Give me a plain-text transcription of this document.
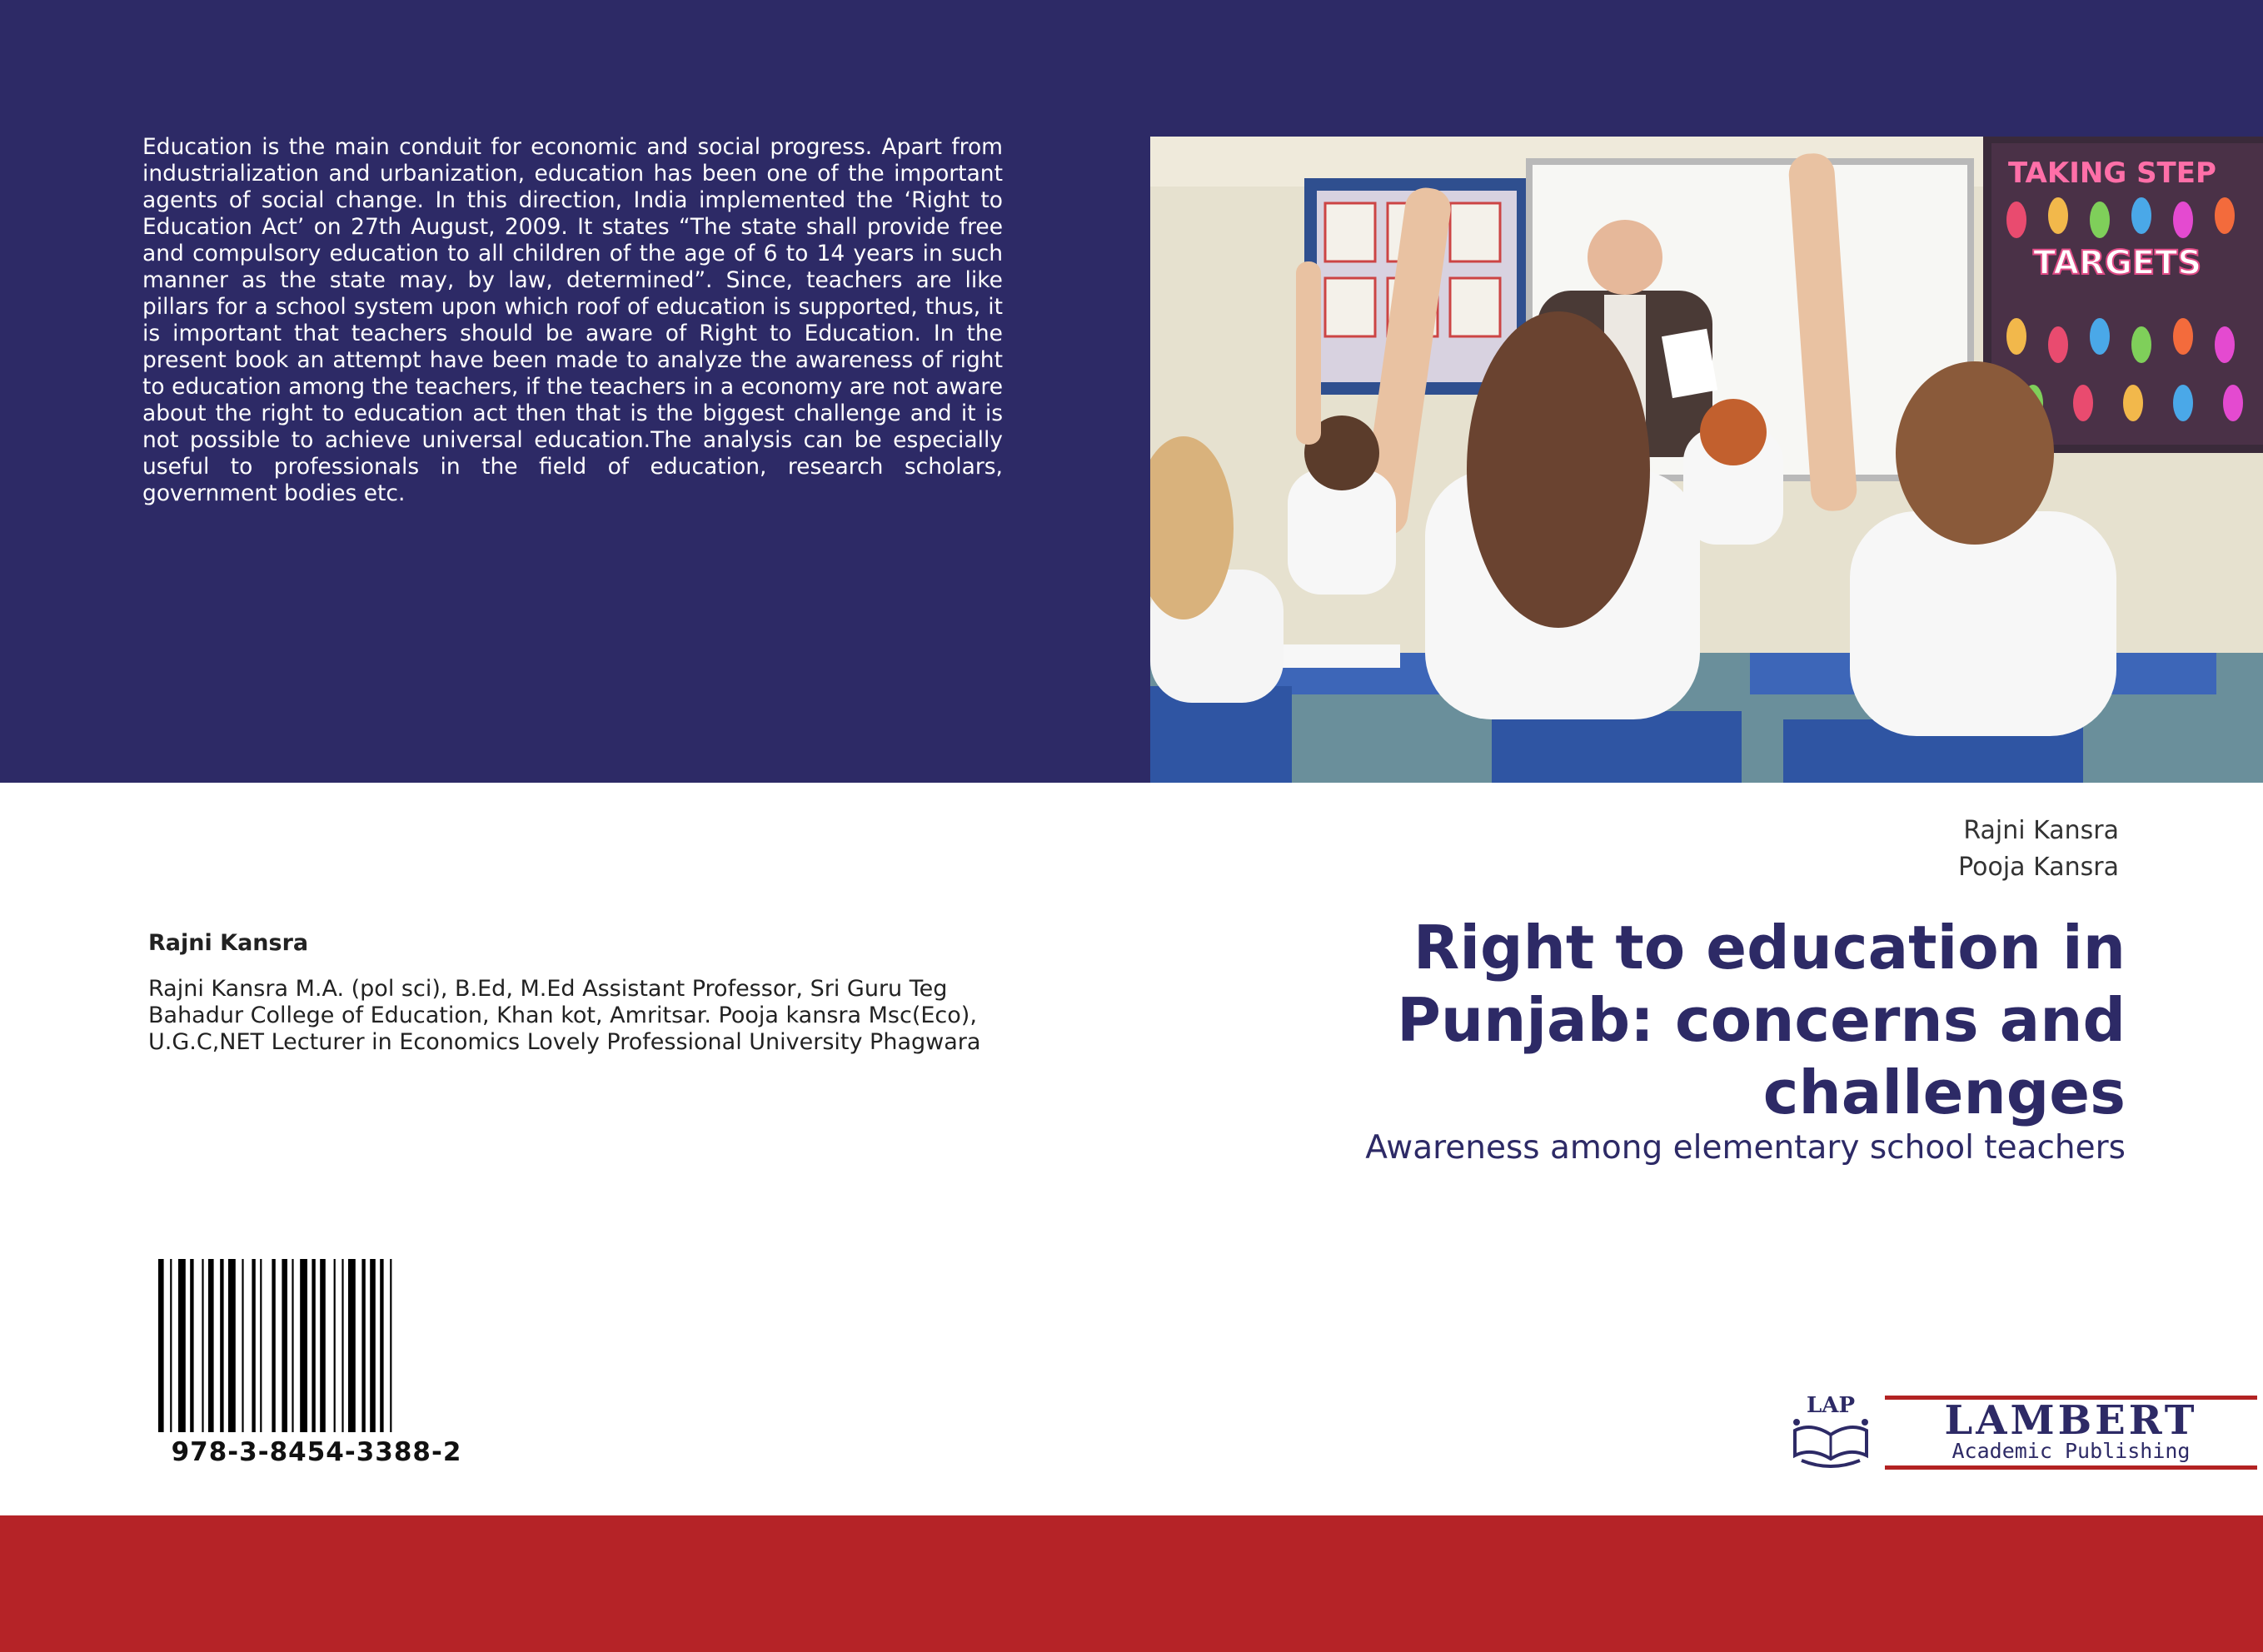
Education is the main conduit for economic and social progress. Apart from industrialization and urbanization, education has been one of the important agents of social change. In this direction, India implemented the ‘Right to Education Act’ on 27th August, 2009. It states “The state shall provide free and compulsory education to all children of the age of 6 to 14 years in such manner as the state may, by law, determined”. Since, teachers are like pillars for a school system upon which roof of education is supported, thus, it is important that teachers should be aware of Right to Education. In the present book an attempt have been made to analyze the awareness of right to education among the teachers, if the teachers in a economy are not aware about the right to education act then that is the biggest challenge and it is not possible to achieve universal education.The analysis can be especially useful to professionals in the field of education, research scholars, government bodies etc.

TAKING STEP
TARGETS
Rajni Kansra
Pooja Kansra
Right to education in Punjab: concerns and challenges

Awareness among elementary school teachers

Rajni Kansra

Rajni Kansra M.A. (pol sci), B.Ed, M.Ed Assistant Professor, Sri Guru Teg Bahadur College of Education, Khan kot, Amritsar. Pooja kansra Msc(Eco), U.G.C,NET Lecturer in Economics Lovely Professional University Phagwara

978-3-8454-3388-2
LAP	LAMBERT
Academic Publishing
